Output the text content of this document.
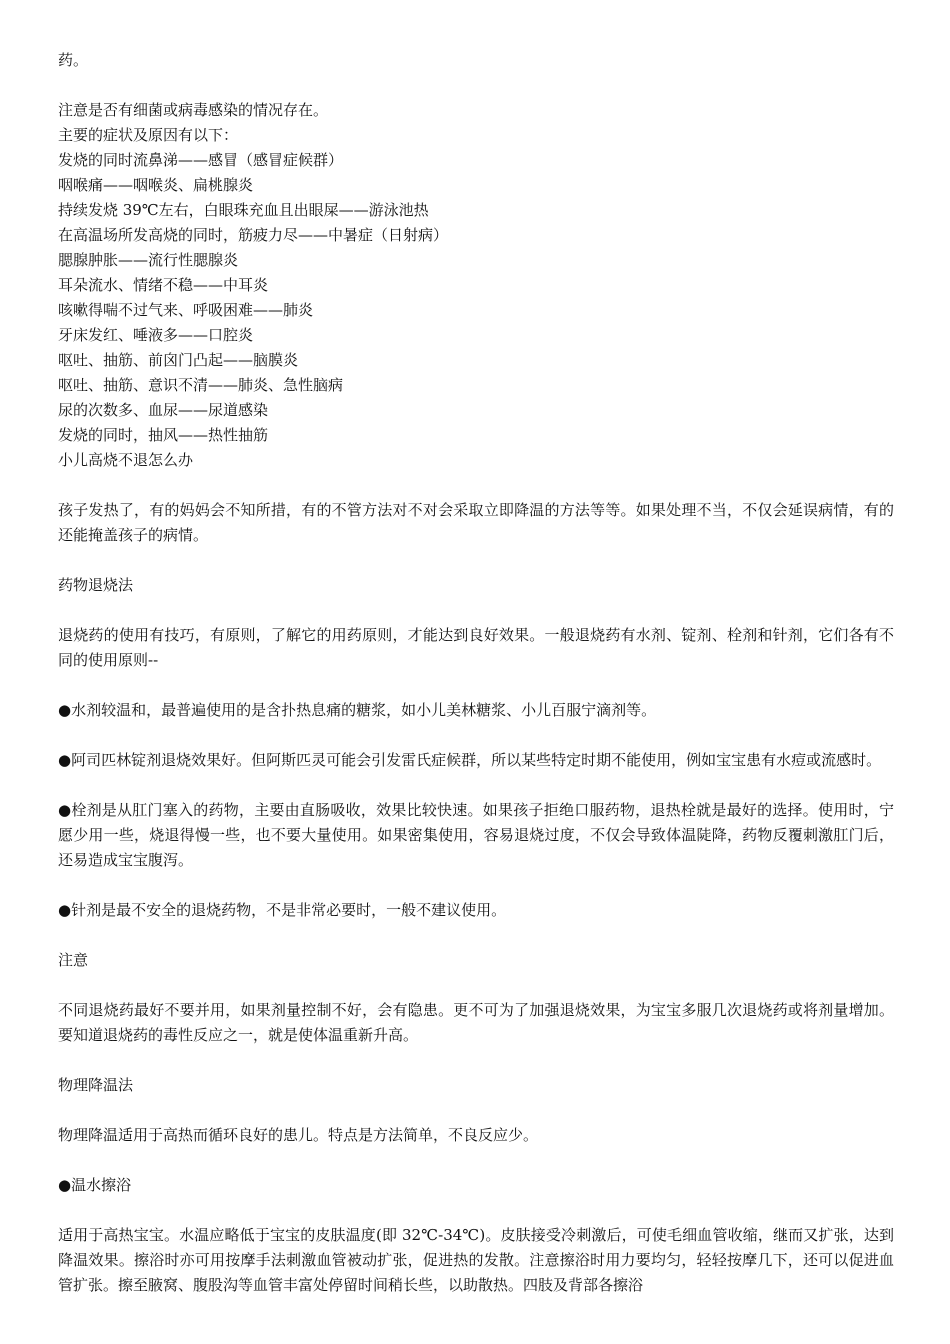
药。

注意是否有细菌或病毒感染的情况存在。
主要的症状及原因有以下：
发烧的同时流鼻涕——感冒（感冒症候群）
咽喉痛——咽喉炎、扁桃腺炎
持续发烧 39℃左右，白眼珠充血且出眼屎——游泳池热
在高温场所发高烧的同时，筋疲力尽——中暑症（日射病）
腮腺肿胀——流行性腮腺炎
耳朵流水、情绪不稳——中耳炎
咳嗽得喘不过气来、呼吸困难——肺炎
牙床发红、唾液多——口腔炎
呕吐、抽筋、前囟门凸起——脑膜炎
呕吐、抽筋、意识不清——肺炎、急性脑病
尿的次数多、血尿——尿道感染
发烧的同时，抽风——热性抽筋
小儿高烧不退怎么办

孩子发热了，有的妈妈会不知所措，有的不管方法对不对会采取立即降温的方法等等。如果处理不当，不仅会延误病情，有的还能掩盖孩子的病情。

药物退烧法

退烧药的使用有技巧，有原则，了解它的用药原则，才能达到良好效果。一般退烧药有水剂、锭剂、栓剂和针剂，它们各有不同的使用原则--

●水剂较温和，最普遍使用的是含扑热息痛的糖浆，如小儿美林糖浆、小儿百服宁滴剂等。

●阿司匹林锭剂退烧效果好。但阿斯匹灵可能会引发雷氏症候群，所以某些特定时期不能使用，例如宝宝患有水痘或流感时。

●栓剂是从肛门塞入的药物，主要由直肠吸收，效果比较快速。如果孩子拒绝口服药物，退热栓就是最好的选择。使用时，宁愿少用一些，烧退得慢一些，也不要大量使用。如果密集使用，容易退烧过度，不仅会导致体温陡降，药物反覆刺激肛门后，还易造成宝宝腹泻。

●针剂是最不安全的退烧药物，不是非常必要时，一般不建议使用。

注意

不同退烧药最好不要并用，如果剂量控制不好，会有隐患。更不可为了加强退烧效果，为宝宝多服几次退烧药或将剂量增加。要知道退烧药的毒性反应之一，就是使体温重新升高。

物理降温法

物理降温适用于高热而循环良好的患儿。特点是方法简单，不良反应少。

●温水擦浴

适用于高热宝宝。水温应略低于宝宝的皮肤温度(即 32℃-34℃)。皮肤接受冷刺激后，可使毛细血管收缩，继而又扩张，达到降温效果。擦浴时亦可用按摩手法刺激血管被动扩张，促进热的发散。注意擦浴时用力要均匀，轻轻按摩几下，还可以促进血管扩张。擦至腋窝、腹股沟等血管丰富处停留时间稍长些，以助散热。四肢及背部各擦浴
